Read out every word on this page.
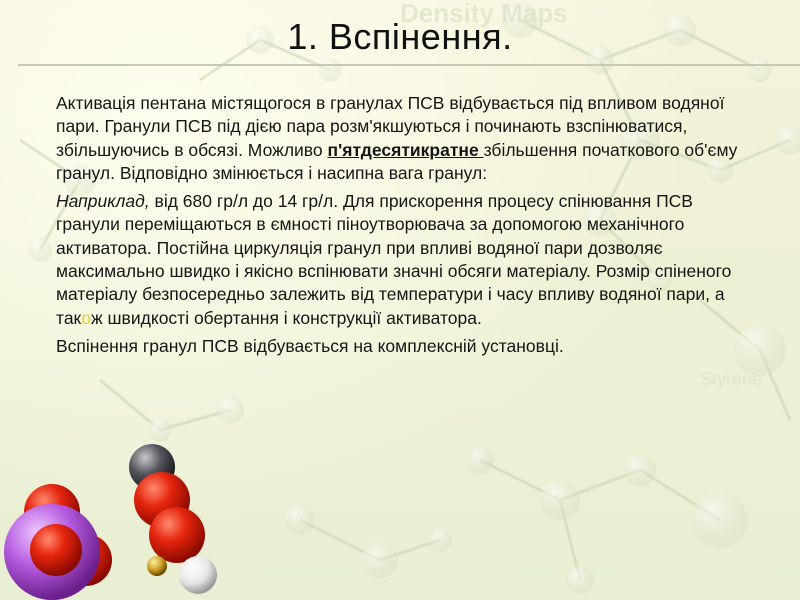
Density Maps
Styrene
1. Вспінення.

Активація пентана містящогося в гранулах ПСВ відбувається під впливом водяної пари. Гранули ПСВ під дією пара розм'якшуються і починають взспінюватися, збільшуючись в обсязі. Можливо п'ятдесятикратне збільшення початкового об'єму гранул. Відповідно змінюється і насипна вага гранул:

Наприклад, від 680 гр/л до 14 гр/л. Для прискорення процесу спінювання ПСВ гранули переміщаються в ємності піноутворювача за допомогою механічного активатора. Постійна циркуляція гранул при впливі водяної пари дозволяє максимально швидко і якісно вспінювати значні обсяги матеріалу. Розмір спіненого матеріалу безпосередньо залежить від температури і часу впливу водяної пари, а також швидкості обертання і конструкції активатора.

Вспінення гранул ПСВ відбувається на комплексній установці.
